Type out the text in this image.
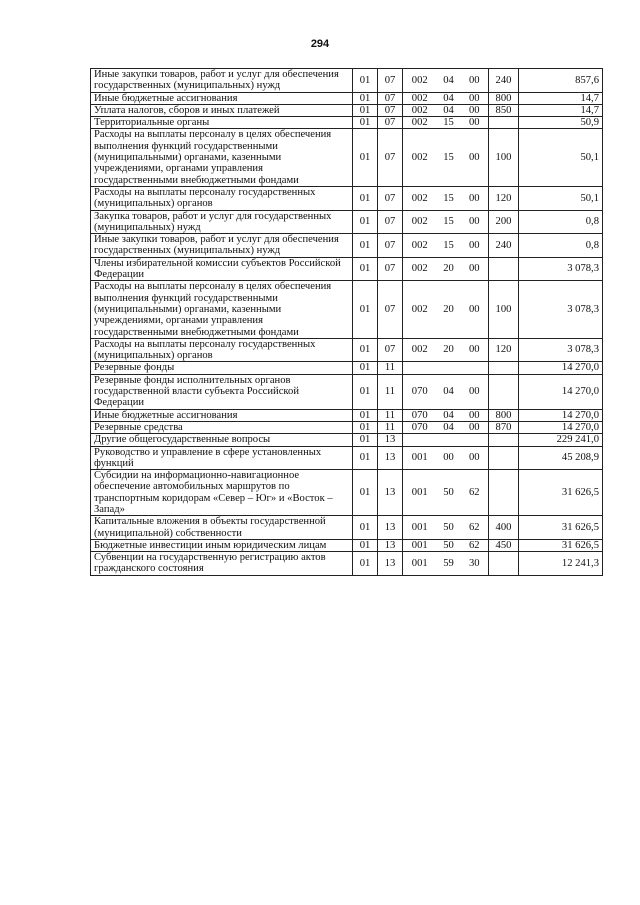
294
Иные закупки товаров, работ и услуг для обеспечения государственных (муниципальных) нужд	01	07	002	04	00	240	857,6
Иные бюджетные ассигнования	01	07	002	04	00	800	14,7
Уплата налогов, сборов и иных платежей	01	07	002	04	00	850	14,7
Территориальные органы	01	07	002	15	00		50,9
Расходы на выплаты персоналу в целях обеспечения выполнения функций государственными (муниципальными) органами, казенными учреждениями, органами управления государственными внебюджетными фондами	01	07	002	15	00	100	50,1
Расходы на выплаты персоналу государственных (муниципальных) органов	01	07	002	15	00	120	50,1
Закупка товаров, работ и услуг для государственных (муниципальных) нужд	01	07	002	15	00	200	0,8
Иные закупки товаров, работ и услуг для обеспечения государственных (муниципальных) нужд	01	07	002	15	00	240	0,8
Члены избирательной комиссии субъектов Российской Федерации	01	07	002	20	00		3 078,3
Расходы на выплаты персоналу в целях обеспечения выполнения функций государственными (муниципальными) органами, казенными учреждениями, органами управления государственными внебюджетными фондами	01	07	002	20	00	100	3 078,3
Расходы на выплаты персоналу государственных (муниципальных) органов	01	07	002	20	00	120	3 078,3
Резервные фонды	01	11					14 270,0
Резервные фонды исполнительных органов государственной власти субъекта Российской Федерации	01	11	070	04	00		14 270,0
Иные бюджетные ассигнования	01	11	070	04	00	800	14 270,0
Резервные средства	01	11	070	04	00	870	14 270,0
Другие общегосударственные вопросы	01	13					229 241,0
Руководство и управление в сфере установленных функций	01	13	001	00	00		45 208,9
Субсидии на информационно-навигационное обеспечение автомобильных маршрутов по транспортным коридорам «Север – Юг» и «Восток – Запад»	01	13	001	50	62		31 626,5
Капитальные вложения в объекты государственной (муниципальной) собственности	01	13	001	50	62	400	31 626,5
Бюджетные инвестиции иным юридическим лицам	01	13	001	50	62	450	31 626,5
Субвенции на государственную регистрацию актов гражданского состояния	01	13	001	59	30		12 241,3
